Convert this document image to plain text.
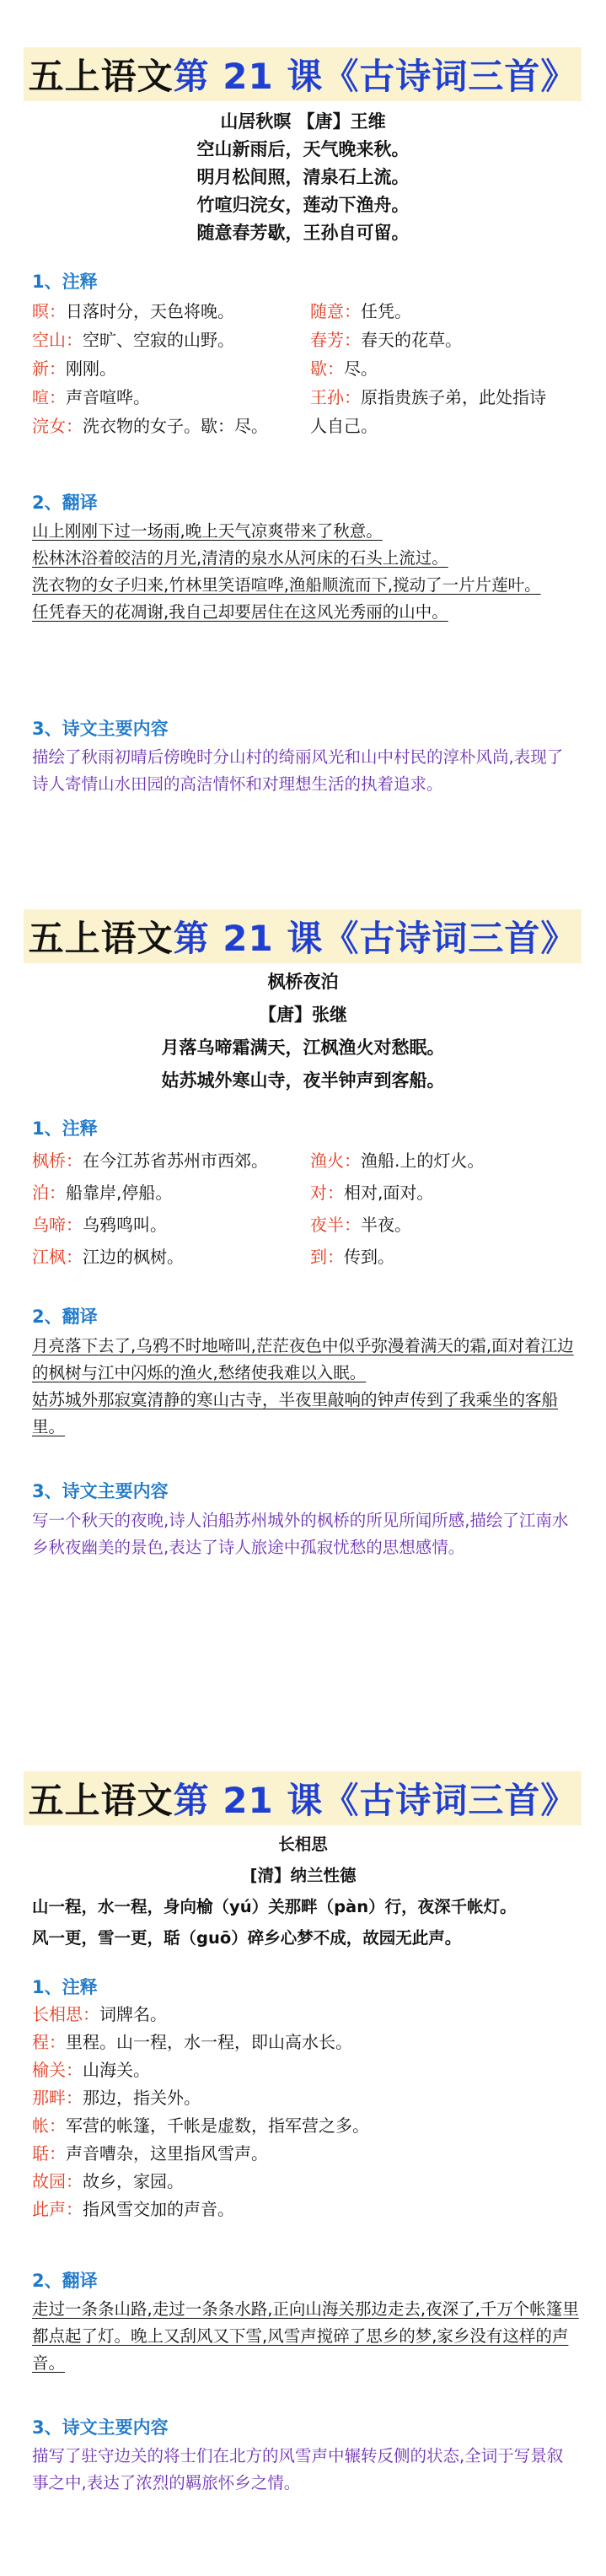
五上语文 第 21 课《古诗词三首》
山居秋暝 【唐】王维
空山新雨后，天气晚来秋。
明月松间照，清泉石上流。
竹喧归浣女，莲动下渔舟。
随意春芳歇，王孙自可留。
1、注释
暝： 日落时分，天色将晚。	随意： 任凭。
空山： 空旷、空寂的山野。	春芳： 春天的花草。
新： 刚刚。	歇： 尽。
喧： 声音喧哗。	王孙： 原指贵族子弟，此处指诗
浣女： 洗衣物的女子。歇：尽。	人自己。
2、翻译

山上刚刚下过一场雨,晚上天气凉爽带来了秋意。

松林沐浴着皎洁的月光,清清的泉水从河床的石头上流过。

洗衣物的女子归来,竹林里笑语喧哗,渔船顺流而下,搅动了一片片莲叶。

任凭春天的花凋谢,我自己却要居住在这风光秀丽的山中。

3、诗文主要内容
描绘了秋雨初晴后傍晚时分山村的绮丽风光和山中村民的淳朴风尚,表现了诗人寄情山水田园的高洁情怀和对理想生活的执着追求。
五上语文 第 21 课《古诗词三首》
枫桥夜泊
【唐】张继
月落乌啼霜满天，江枫渔火对愁眠。
姑苏城外寒山寺，夜半钟声到客船。
1、注释
枫桥： 在今江苏省苏州市西郊。	渔火： 渔船.上的灯火。
泊： 船靠岸,停船。	对： 相对,面对。
乌啼： 乌鸦鸣叫。	夜半： 半夜。
江枫： 江边的枫树。	到： 传到。
2、翻译

月亮落下去了,乌鸦不时地啼叫,茫茫夜色中似乎弥漫着满天的霜,面对着江边的枫树与江中闪烁的渔火,愁绪使我难以入眠。

姑苏城外那寂寞清静的寒山古寺，半夜里敲响的钟声传到了我乘坐的客船里。

3、诗文主要内容
写一个秋天的夜晚,诗人泊船苏州城外的枫桥的所见所闻所感,描绘了江南水乡秋夜幽美的景色,表达了诗人旅途中孤寂忧愁的思想感情。
五上语文 第 21 课《古诗词三首》
长相思
[清】纳兰性德
山一程，水一程，身向榆（yú）关那畔（pàn）行，夜深千帐灯。
风一更，雪一更，聒（guō）碎乡心梦不成，故园无此声。
1、注释
长相思： 词牌名。
程： 里程。山一程，水一程，即山高水长。
榆关： 山海关。
那畔： 那边，指关外。
帐： 军营的帐篷，千帐是虚数，指军营之多。
聒： 声音嘈杂，这里指风雪声。
故园： 故乡，家园。
此声： 指风雪交加的声音。
2、翻译

走过一条条山路,走过一条条水路,正向山海关那边走去,夜深了,千万个帐篷里都点起了灯。晚上又刮风又下雪,风雪声搅碎了思乡的梦,家乡没有这样的声音。

3、诗文主要内容
描写了驻守边关的将士们在北方的风雪声中辗转反侧的状态,全词于写景叙事之中,表达了浓烈的羁旅怀乡之情。
